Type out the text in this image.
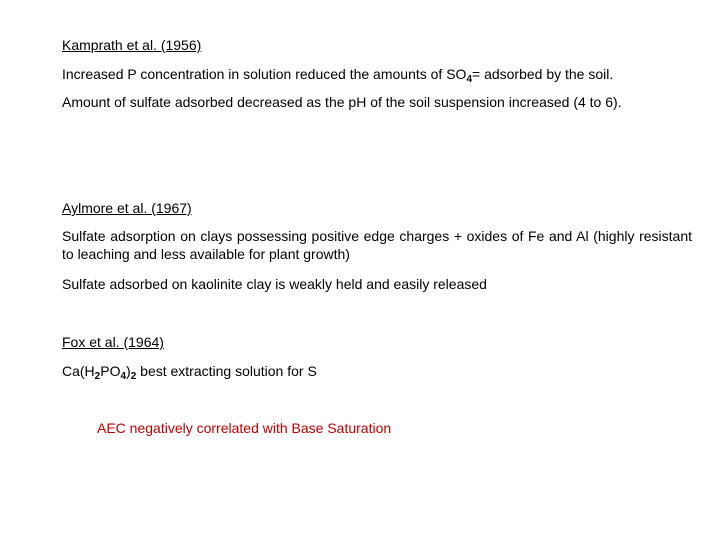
Kamprath et al. (1956)
Increased P concentration in solution reduced the amounts of $SO_4=$ adsorbed by the soil.
Amount of sulfate adsorbed decreased as the pH of the soil suspension increased (4 to 6).
Aylmore et al. (1967)
Sulfate adsorption on clays possessing positive edge charges + oxides of Fe and Al (highly resistant to leaching and less available for plant growth)
Sulfate adsorbed on kaolinite clay is weakly held and easily released
Fox et al. (1964)
$Ca(H_2PO_4)_2$ best extracting solution for S
AEC negatively correlated with Base Saturation
